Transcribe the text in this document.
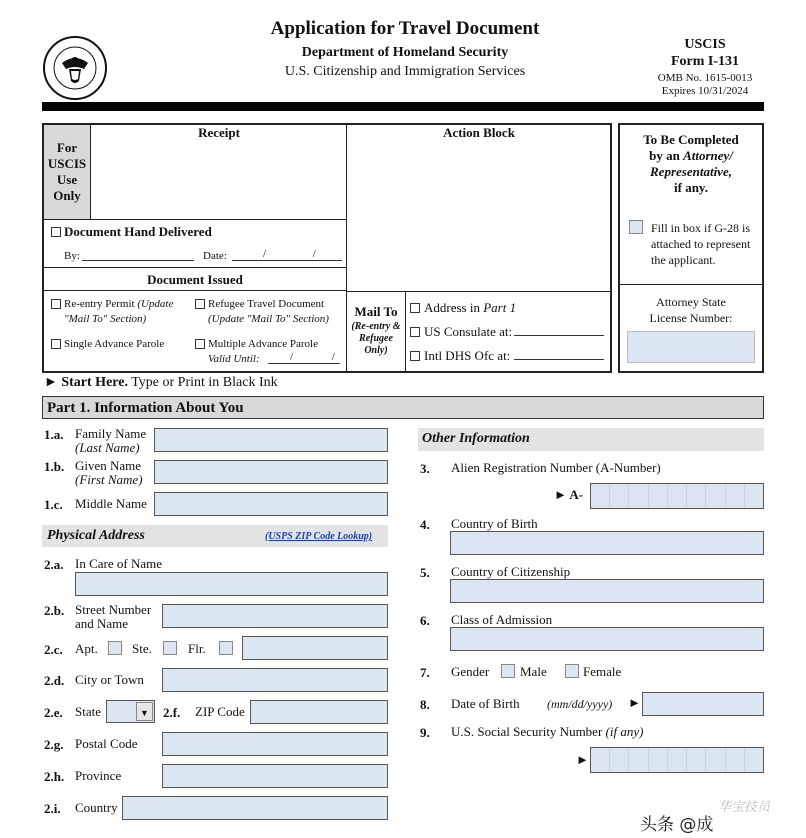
Application for Travel Document
Department of Homeland Security
U.S. Citizenship and Immigration Services
USCIS
Form I-131
OMB No. 1615-0013
Expires 10/31/2024
For
USCIS
Use
Only
Receipt	Action Block
Document Hand Delivered
By:	Date:	/ /
Document Issued
Re-entry Permit (Update
"Mail To" Section)
Refugee Travel Document
(Update "Mail To" Section)
Single Advance Parole	Multiple Advance Parole
Valid Until:	/ /
Mail To
(Re-entry &
Refugee
Only)
Address in Part 1
US Consulate at:
Intl DHS Ofc at:
To Be Completed
by an Attorney/
Representative,
if any.
Fill in box if G-28 is
attached to represent
the applicant.
Attorney State
License Number:
► Start Here. Type or Print in Black Ink
Part 1. Information About You
1.a. Family Name
(Last Name)
1.b. Given Name
(First Name)
1.c. Middle Name
Physical Address	(USPS ZIP Code Lookup)
2.a. In Care of Name
2.b. Street Number
and Name
2.c. Apt.	Ste.	Flr.
2.d. City or Town
2.e. State	▼	2.f. ZIP Code
2.g. Postal Code
2.h. Province
2.i. Country
Other Information
3. Alien Registration Number (A-Number)
► A-
4. Country of Birth
5. Country of Citizenship
6. Class of Admission
7. Gender Male	Female
8. Date of Birth (mm/dd/yyyy) ►
9. U.S. Social Security Number (if any)
►
头条 @成
华宝技员
